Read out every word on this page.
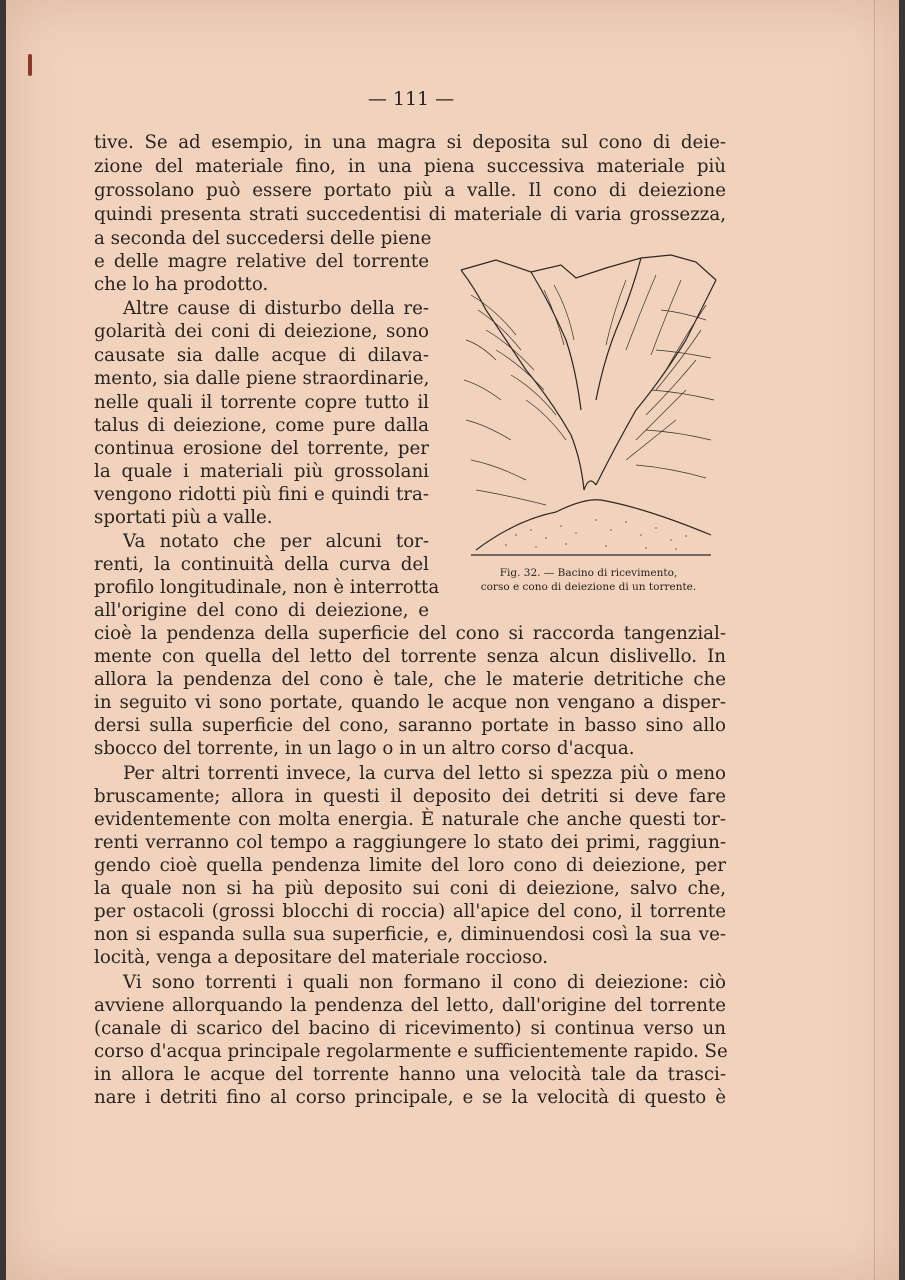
— 111 —
tive. Se ad esempio, in una magra si deposita sul cono di deie-
zione del materiale fino, in una piena successiva materiale più
grossolano può essere portato più a valle. Il cono di deiezione
quindi presenta strati succedentisi di materiale di varia grossezza,
a seconda del succedersi delle piene
e delle magre relative del torrente
che lo ha prodotto.
Altre cause di disturbo della re-
golarità dei coni di deiezione, sono
causate sia dalle acque di dilava-
mento, sia dalle piene straordinarie,
nelle quali il torrente copre tutto il
talus di deiezione, come pure dalla
continua erosione del torrente, per
la quale i materiali più grossolani
vengono ridotti più fini e quindi tra-
sportati più a valle.
Va notato che per alcuni tor-
renti, la continuità della curva del
profilo longitudinale, non è interrotta
all'origine del cono di deiezione, e
cioè la pendenza della superficie del cono si raccorda tangenzial-
mente con quella del letto del torrente senza alcun dislivello. In
allora la pendenza del cono è tale, che le materie detritiche che
in seguito vi sono portate, quando le acque non vengano a disper-
dersi sulla superficie del cono, saranno portate in basso sino allo
sbocco del torrente, in un lago o in un altro corso d'acqua.
Per altri torrenti invece, la curva del letto si spezza più o meno
bruscamente; allora in questi il deposito dei detriti si deve fare
evidentemente con molta energia. È naturale che anche questi tor-
renti verranno col tempo a raggiungere lo stato dei primi, raggiun-
gendo cioè quella pendenza limite del loro cono di deiezione, per
la quale non si ha più deposito sui coni di deiezione, salvo che,
per ostacoli (grossi blocchi di roccia) all'apice del cono, il torrente
non si espanda sulla sua superficie, e, diminuendosi così la sua ve-
locità, venga a depositare del materiale roccioso.
Vi sono torrenti i quali non formano il cono di deiezione: ciò
avviene allorquando la pendenza del letto, dall'origine del torrente
(canale di scarico del bacino di ricevimento) si continua verso un
corso d'acqua principale regolarmente e sufficientemente rapido. Se
in allora le acque del torrente hanno una velocità tale da trasci-
nare i detriti fino al corso principale, e se la velocità di questo è
Fig. 32. — Bacino di ricevimento,
corso e cono di deiezione di un torrente.
